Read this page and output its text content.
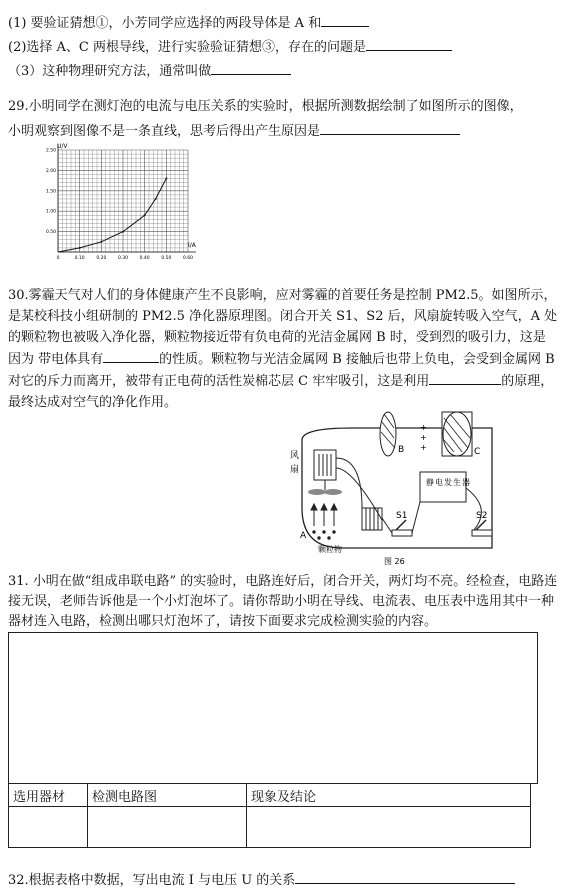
(1) 要验证猜想①，小芳同学应选择的两段导体是 A 和
(2)选择 A、C 两根导线，进行实验验证猜想③，存在的问题是
（3）这种物理研究方法，通常叫做
29.小明同学在测灯泡的电流与电压关系的实验时，根据所测数据绘制了如图所示的图像，
小明观察到图像不是一条直线，思考后得出产生原因是
0	0.10	0.20	0.30	0.40	0.50	0.60
0.50
1.00
1.50
2.00
2.50
U/V
I/A
30.雾霾天气对人们的身体健康产生不良影响，应对雾霾的首要任务是控制 PM2.5。如图所示，是某校科技小组研制的 PM2.5 净化器原理图。闭合开关 S1、S2 后，风扇旋转吸入空气，A 处的颗粒物也被吸入净化器，颗粒物接近带有负电荷的光洁金属网 B 时，受到烈的吸引力，这是因为 带电体具有	的性质。颗粒物与光洁金属网 B 接触后也带上负电，会受到金属网 B 对它的斥力而离开，被带有正电荷的活性炭棉芯层 C 牢牢吸引，这是利用	的原理，最终达成对空气的净化作用。
风
扇
A
颗粒物
B	C
+
+
+
静电发生器
S1	S2
图 26
31. 小明在做“组成串联电路” 的实验时，电路连好后，闭合开关，两灯均不亮。经检查，电路连接无误，老师告诉他是一个小灯泡坏了。请你帮助小明在导线、电流表、电压表中选用其中一种器材连入电路，检测出哪只灯泡坏了，请按下面要求完成检测实验的内容。
选用器材	检测电路图	现象及结论

32.根据表格中数据，写出电流 I 与电压 U 的关系
